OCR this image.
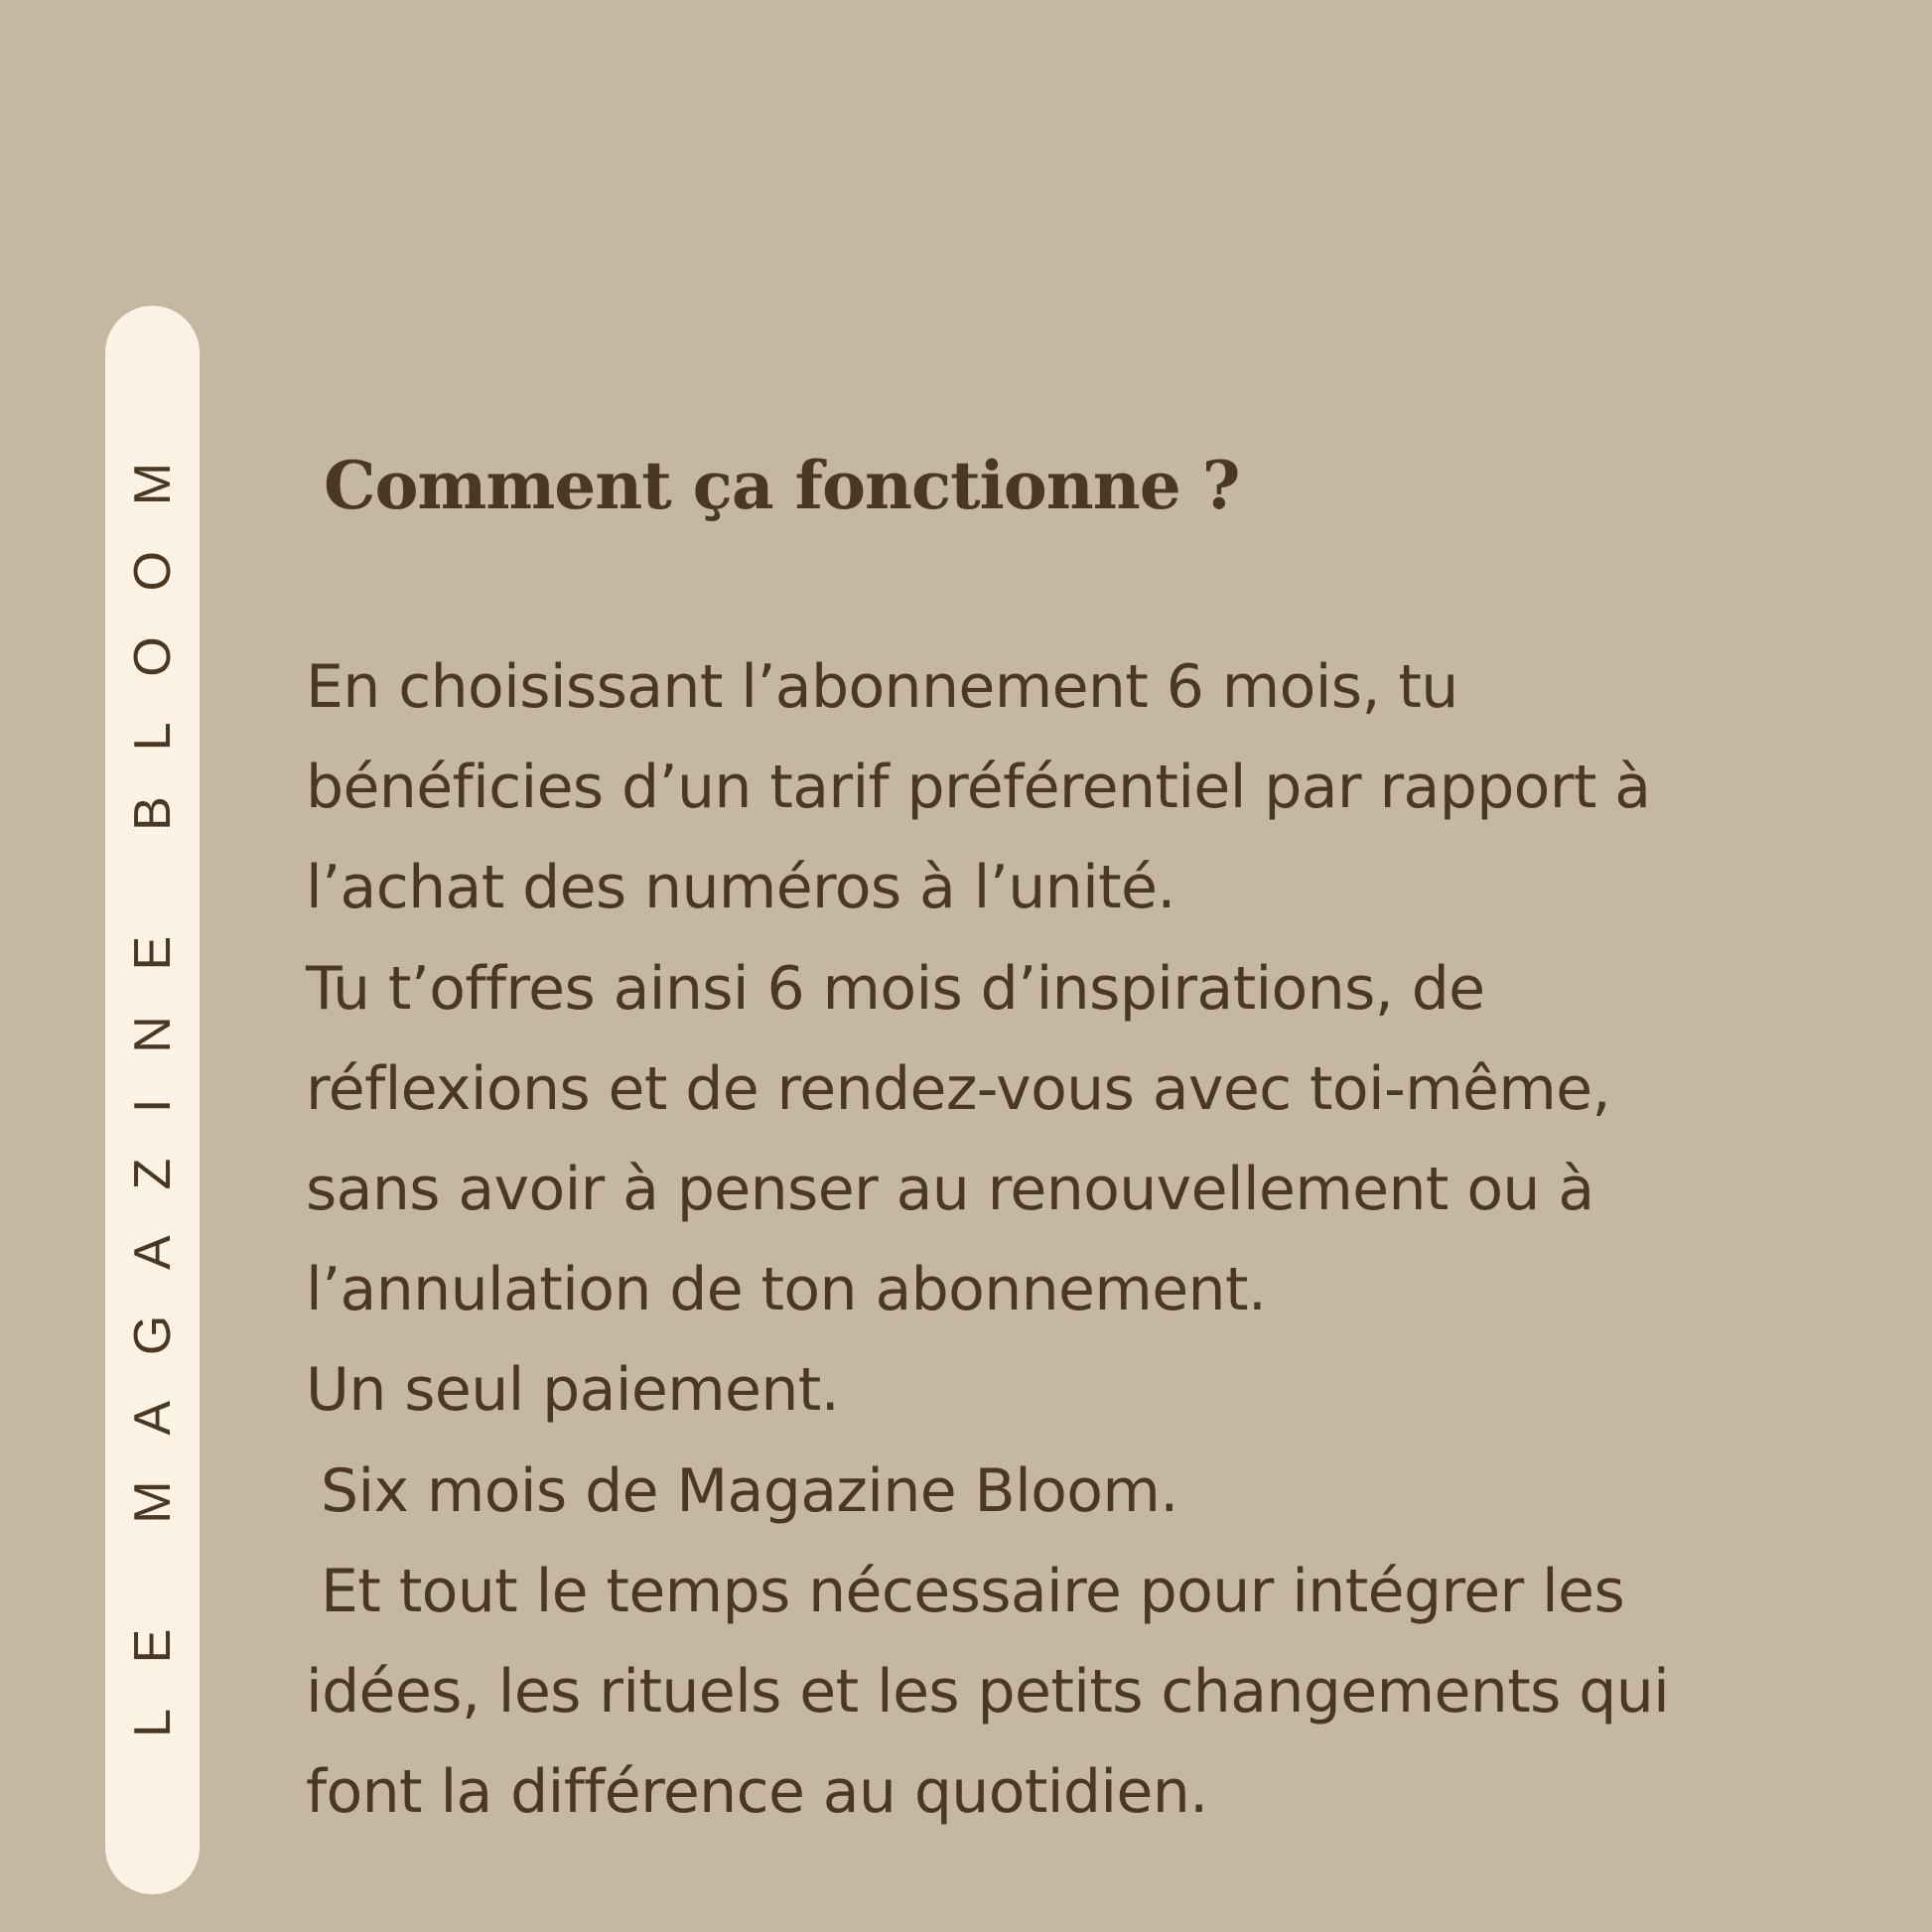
LE MAGAZINE BLOOM Comment ça fonctionne ?
En choisissant l’abonnement 6 mois, tu
bénéficies d’un tarif préférentiel par rapport à
l’achat des numéros à l’unité.
Tu t’offres ainsi 6 mois d’inspirations, de
réflexions et de rendez-vous avec toi-même,
sans avoir à penser au renouvellement ou à
l’annulation de ton abonnement.
Un seul paiement.
Six mois de Magazine Bloom.
Et tout le temps nécessaire pour intégrer les
idées, les rituels et les petits changements qui
font la différence au quotidien.
